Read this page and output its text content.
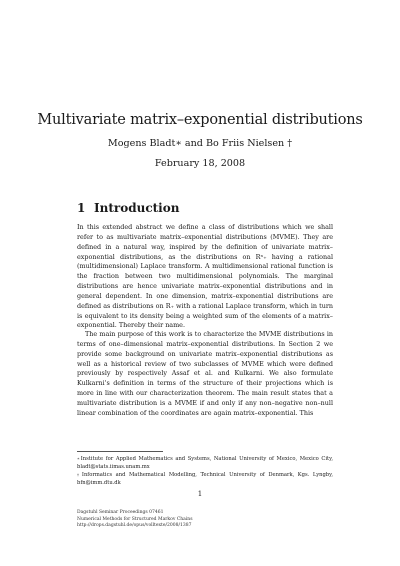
Multivariate matrix–exponential distributions
Mogens Bladt∗ and Bo Friis Nielsen †
February 18, 2008
1 Introduction
In this extended abstract we define a class of distributions which we shall refer to as multivariate matrix–exponential distributions (MVME). They are defined in a natural way, inspired by the definition of univariate matrix–exponential distributions, as the distributions on Rⁿ₊ having a rational (multidimensional) Laplace transform. A multidimensional rational function is the fraction between two multidimensional polynomials. The marginal distributions are hence univariate matrix–exponential distributions and in general dependent. In one dimension, matrix–exponential distributions are defined as distributions on R₊ with a rational Laplace transform, which in turn is equivalent to its density being a weighted sum of the elements of a matrix–exponential. Thereby their name.
The main purpose of this work is to characterize the MVME distributions in terms of one–dimensional matrix–exponential distributions. In Section 2 we provide some background on univariate matrix–exponential distributions as well as a historical review of two subclasses of MVME which were defined previously by respectively Assaf et al. and Kulkarni. We also formulate Kulkarni's definition in terms of the structure of their projections which is more in line with our characterization theorem. The main result states that a multivariate distribution is a MVME if and only if any non–negative non–null linear combination of the coordinates are again matrix–exponential. This
∗Institute for Applied Mathematics and Systems, National University of Mexico, Mexico City, bladt@stats.iimas.unam.mx
†Informatics and Mathematical Modelling, Technical University of Denmark, Kgs. Lyngby, bfn@imm.dtu.dk
1
Dagstuhl Seminar Proceedings 07461
Numerical Methods for Structured Markov Chains
http://drops.dagstuhl.de/opus/volltexte/2008/1387
